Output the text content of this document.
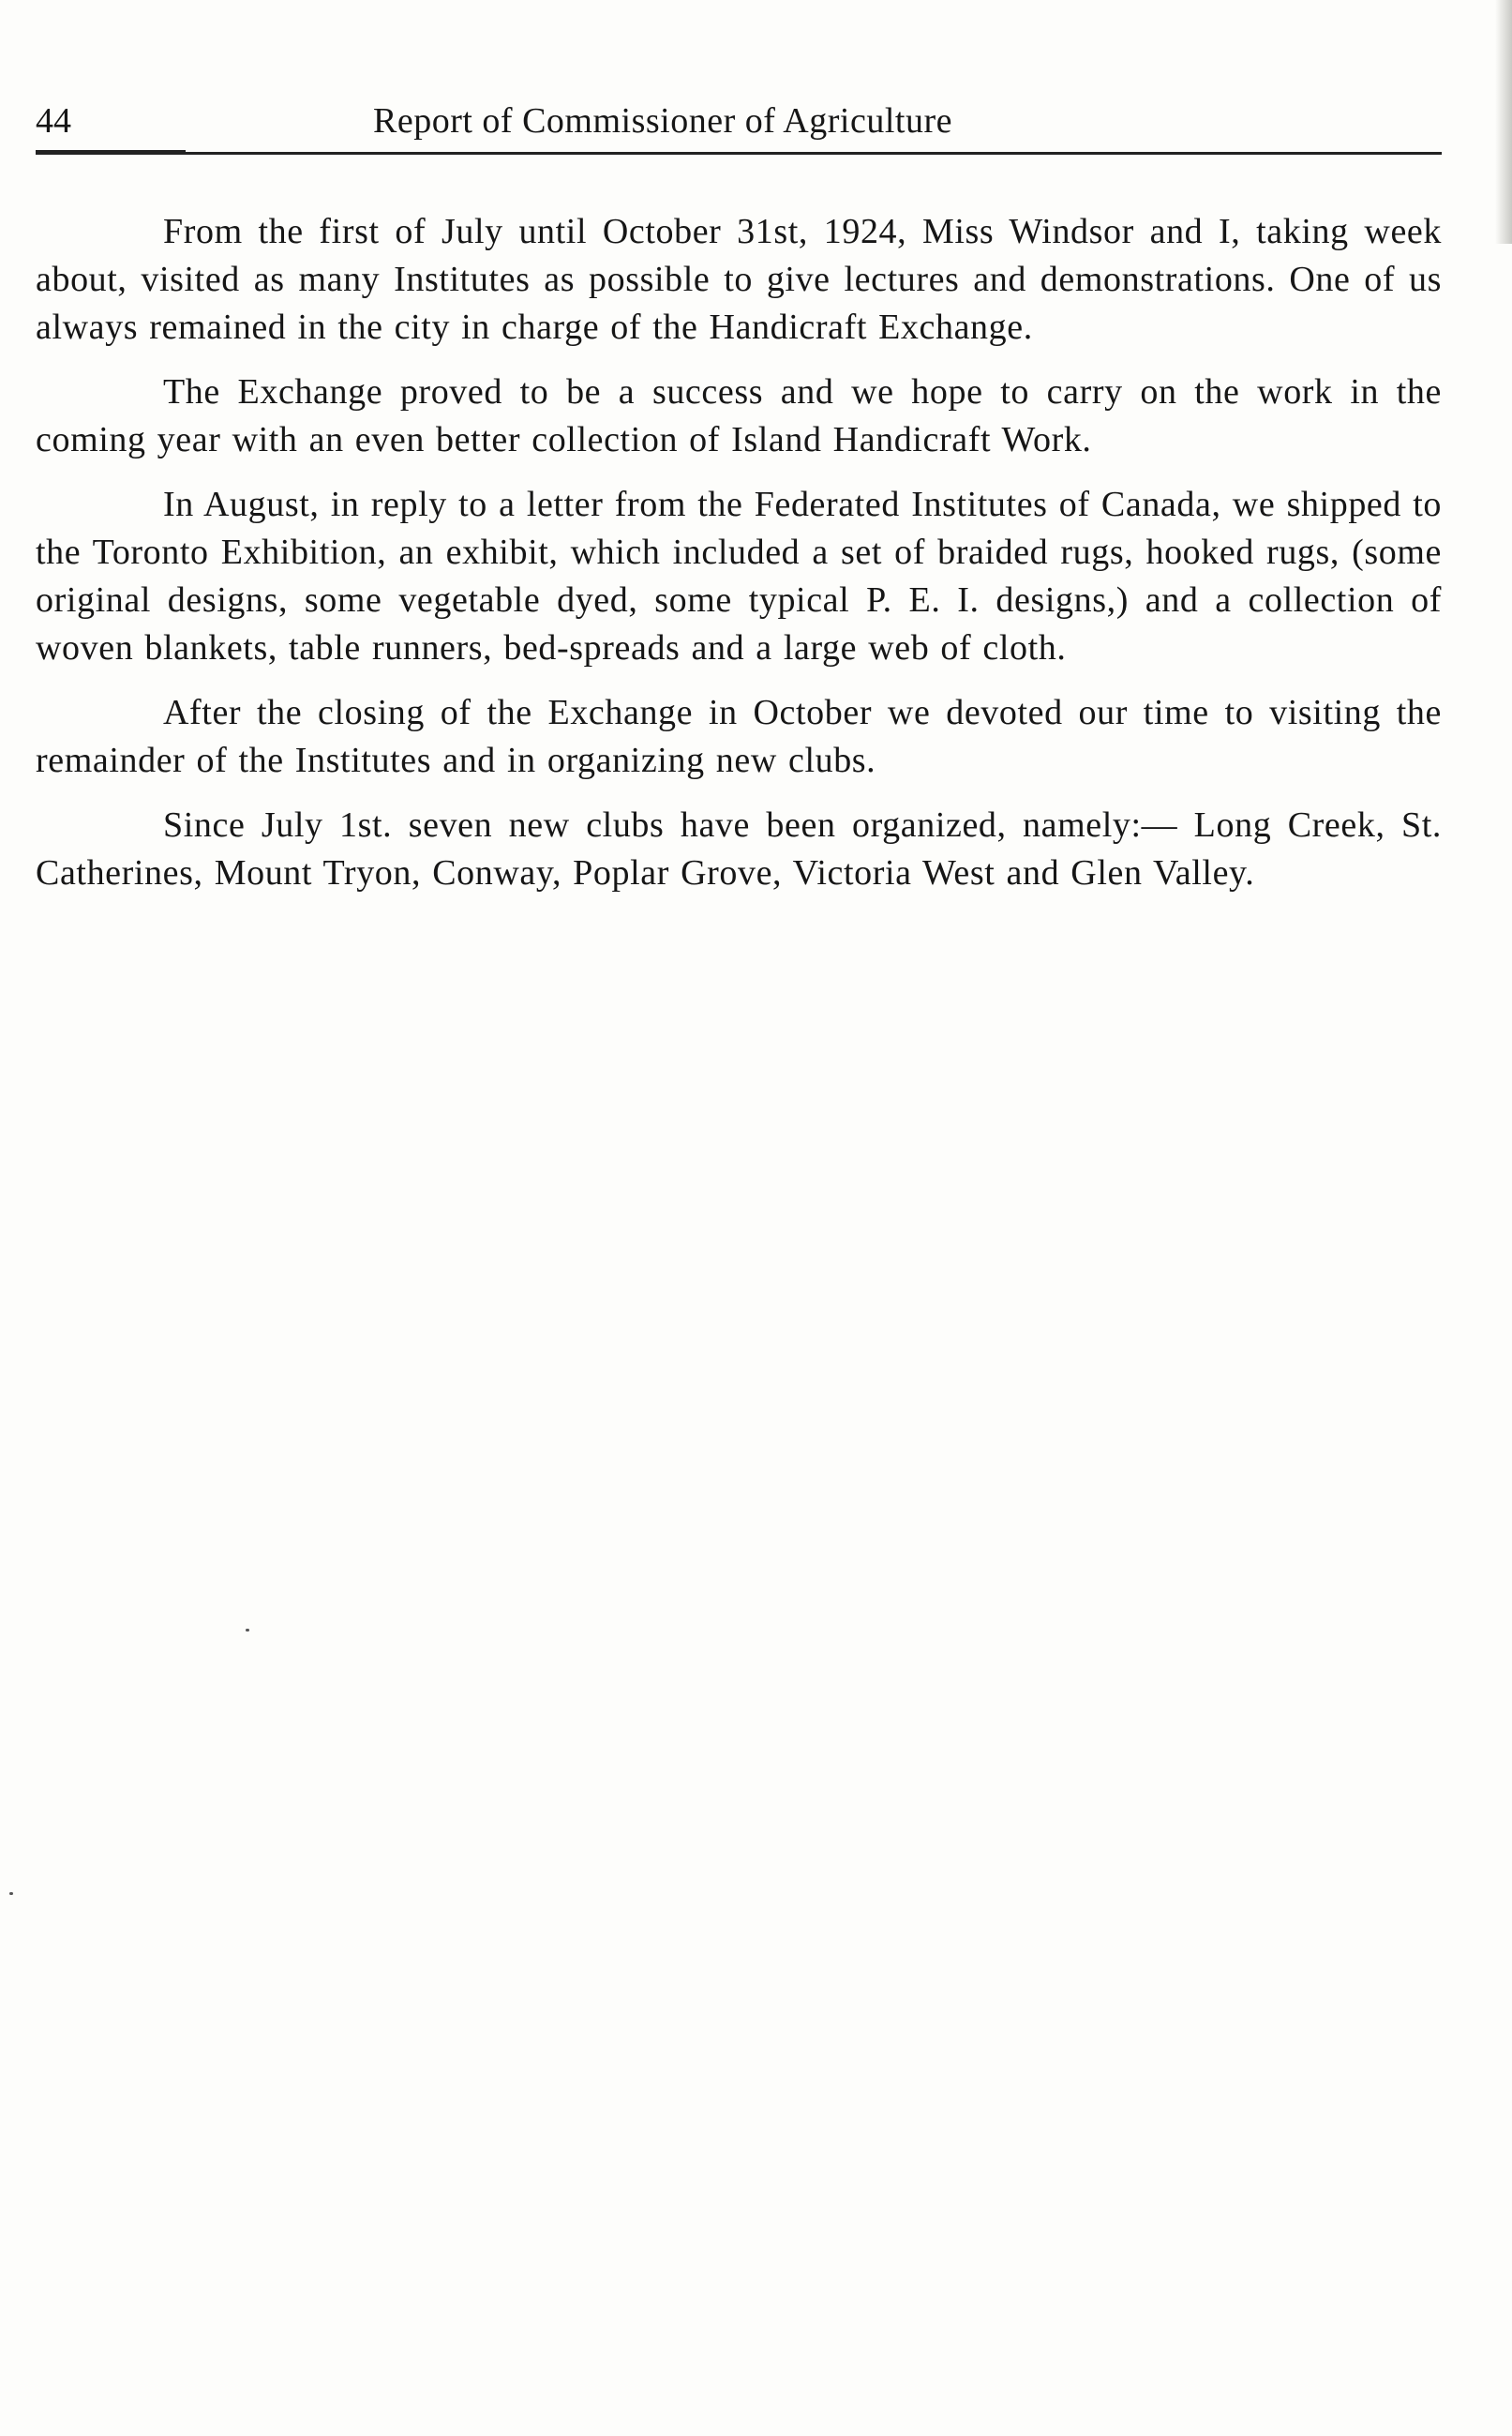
44	Report of Commissioner of Agriculture

From the first of July until October 31st, 1924, Miss Windsor and I, taking week about, visited as many Institutes as possible to give lectures and demonstrations. One of us always remained in the city in charge of the Handicraft Exchange.

The Exchange proved to be a success and we hope to carry on the work in the coming year with an even better collection of Island Handicraft Work.

In August, in reply to a letter from the Federated Institutes of Canada, we shipped to the Toronto Exhibition, an exhibit, which included a set of braided rugs, hooked rugs, (some original designs, some vegetable dyed, some typical P. E. I. designs,) and a collection of woven blankets, table runners, bed-spreads and a large web of cloth.

After the closing of the Exchange in October we devoted our time to visiting the remainder of the Institutes and in organizing new clubs.

Since July 1st. seven new clubs have been organized, namely:— Long Creek, St. Catherines, Mount Tryon, Conway, Poplar Grove, Victoria West and Glen Valley.
